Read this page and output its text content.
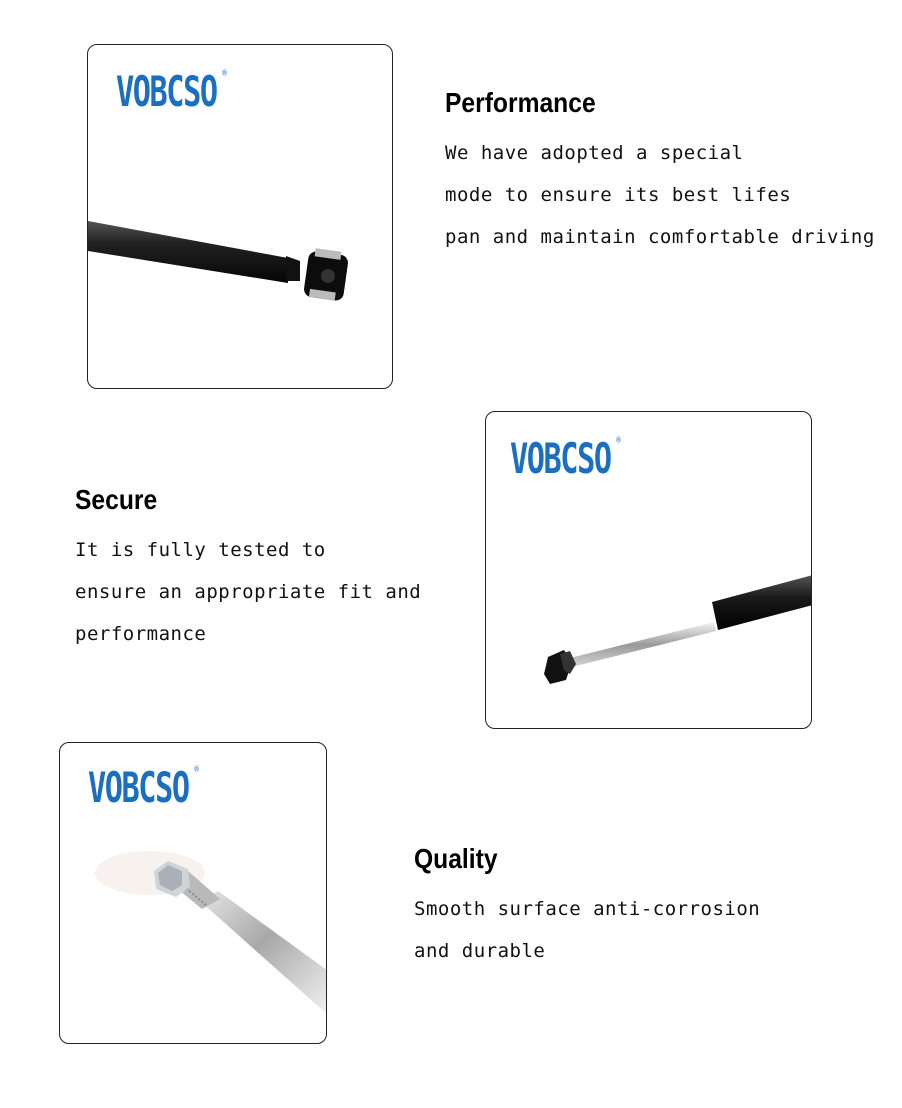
VOBCSO ®
Performance

We have adopted a special
mode to ensure its best lifes
pan and maintain comfortable driving

Secure

It is fully tested to
ensure an appropriate fit and
performance

VOBCSO ®
VOBCSO ®
Quality

Smooth surface anti-corrosion
and durable
